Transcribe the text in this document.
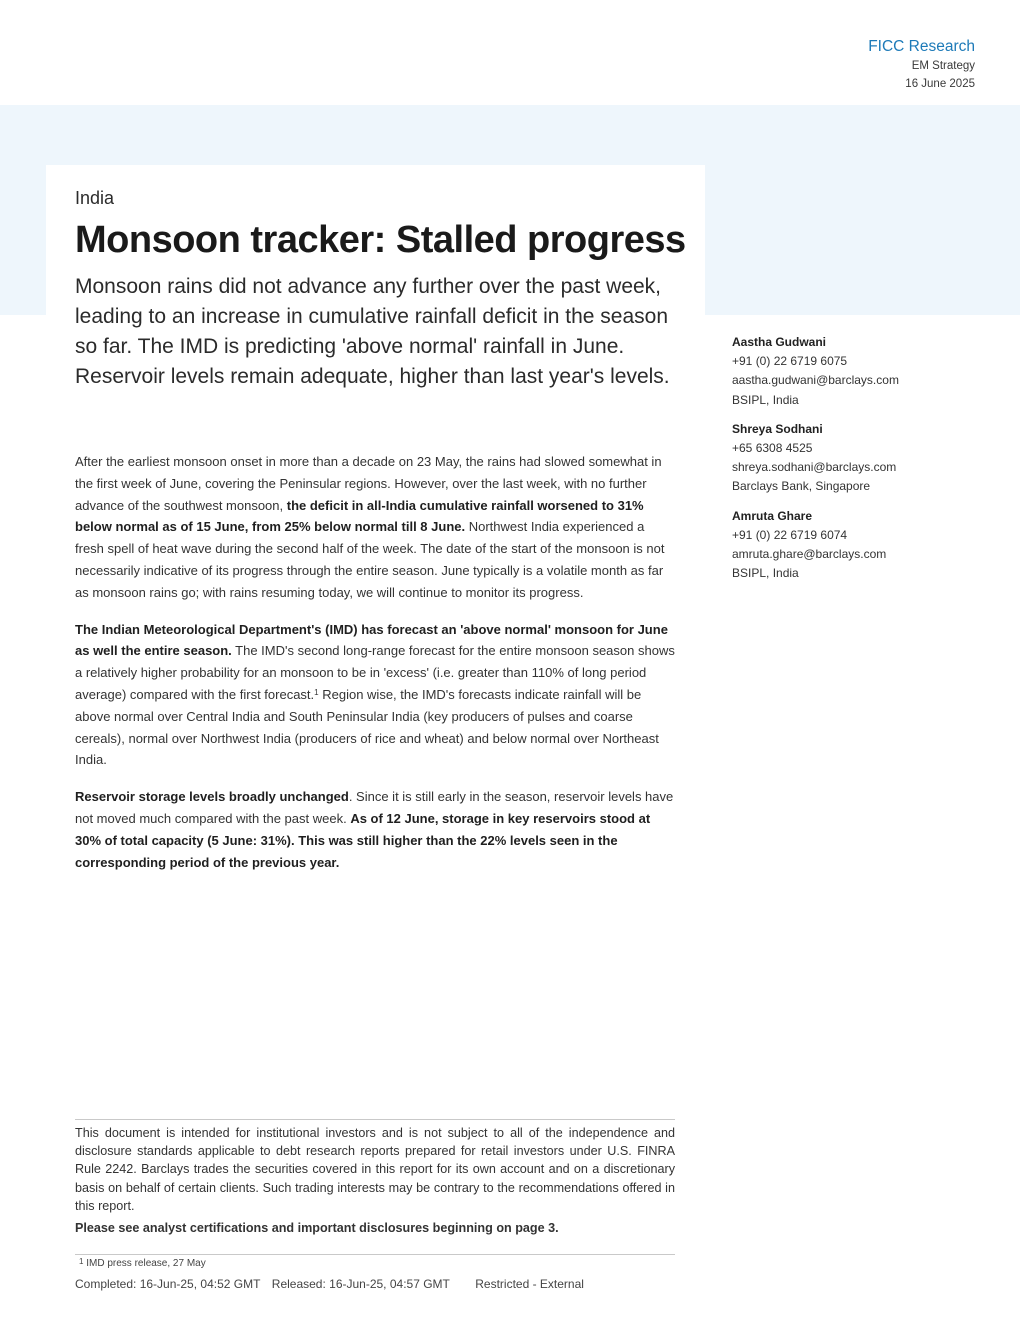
FICC Research
EM Strategy
16 June 2025
India
Monsoon tracker: Stalled progress

Monsoon rains did not advance any further over the past week, leading to an increase in cumulative rainfall deficit in the season so far. The IMD is predicting 'above normal' rainfall in June. Reservoir levels remain adequate, higher than last year's levels.

After the earliest monsoon onset in more than a decade on 23 May, the rains had slowed somewhat in the first week of June, covering the Peninsular regions. However, over the last week, with no further advance of the southwest monsoon, the deficit in all-India cumulative rainfall worsened to 31% below normal as of 15 June, from 25% below normal till 8 June. Northwest India experienced a fresh spell of heat wave during the second half of the week. The date of the start of the monsoon is not necessarily indicative of its progress through the entire season. June typically is a volatile month as far as monsoon rains go; with rains resuming today, we will continue to monitor its progress.

The Indian Meteorological Department's (IMD) has forecast an 'above normal' monsoon for June as well the entire season. The IMD's second long-range forecast for the entire monsoon season shows a relatively higher probability for an monsoon to be in 'excess' (i.e. greater than 110% of long period average) compared with the first forecast.$^1$ Region wise, the IMD's forecasts indicate rainfall will be above normal over Central India and South Peninsular India (key producers of pulses and coarse cereals), normal over Northwest India (producers of rice and wheat) and below normal over Northeast India.

Reservoir storage levels broadly unchanged. Since it is still early in the season, reservoir levels have not moved much compared with the past week. As of 12 June, storage in key reservoirs stood at 30% of total capacity (5 June: 31%). This was still higher than the 22% levels seen in the corresponding period of the previous year.

Aastha Gudwani
+91 (0) 22 6719 6075
aastha.gudwani@barclays.com
BSIPL, India
Shreya Sodhani
+65 6308 4525
shreya.sodhani@barclays.com
Barclays Bank, Singapore
Amruta Ghare
+91 (0) 22 6719 6074
amruta.ghare@barclays.com
BSIPL, India
This document is intended for institutional investors and is not subject to all of the independence and disclosure standards applicable to debt research reports prepared for retail investors under U.S. FINRA Rule 2242. Barclays trades the securities covered in this report for its own account and on a discretionary basis on behalf of certain clients. Such trading interests may be contrary to the recommendations offered in this report.
Please see analyst certifications and important disclosures beginning on page 3.
$^1$ IMD press release, 27 May
Completed: 16-Jun-25, 04:52 GMT Released: 16-Jun-25, 04:57 GMT Restricted - External
